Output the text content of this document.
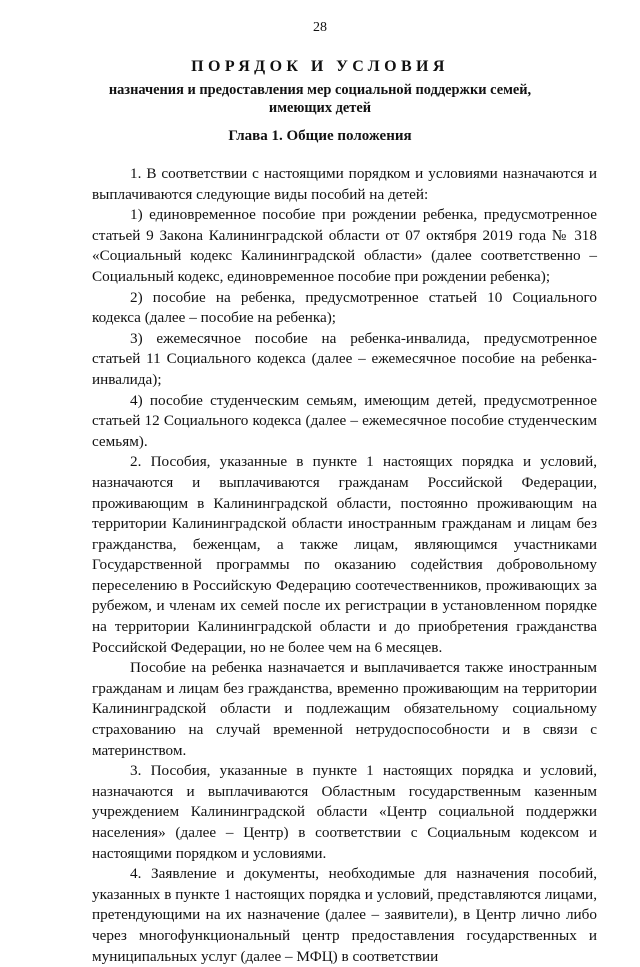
28
ПОРЯДОК И УСЛОВИЯ
назначения и предоставления мер социальной поддержки семей, имеющих детей
Глава 1. Общие положения

1. В соответствии с настоящими порядком и условиями назначаются и выплачиваются следующие виды пособий на детей:

1) единовременное пособие при рождении ребенка, предусмотренное статьей 9 Закона Калининградской области от 07 октября 2019 года № 318 «Социальный кодекс Калининградской области» (далее соответственно – Социальный кодекс, единовременное пособие при рождении ребенка);

2) пособие на ребенка, предусмотренное статьей 10 Социального кодекса (далее – пособие на ребенка);

3) ежемесячное пособие на ребенка-инвалида, предусмотренное статьей 11 Социального кодекса (далее – ежемесячное пособие на ребенка-инвалида);

4) пособие студенческим семьям, имеющим детей, предусмотренное статьей 12 Социального кодекса (далее – ежемесячное пособие студенческим семьям).

2. Пособия, указанные в пункте 1 настоящих порядка и условий, назначаются и выплачиваются гражданам Российской Федерации, проживающим в Калининградской области, постоянно проживающим на территории Калининградской области иностранным гражданам и лицам без гражданства, беженцам, а также лицам, являющимся участниками Государственной программы по оказанию содействия добровольному переселению в Российскую Федерацию соотечественников, проживающих за рубежом, и членам их семей после их регистрации в установленном порядке на территории Калининградской области и до приобретения гражданства Российской Федерации, но не более чем на 6 месяцев.

Пособие на ребенка назначается и выплачивается также иностранным гражданам и лицам без гражданства, временно проживающим на территории Калининградской области и подлежащим обязательному социальному страхованию на случай временной нетрудоспособности и в связи с материнством.

3. Пособия, указанные в пункте 1 настоящих порядка и условий, назначаются и выплачиваются Областным государственным казенным учреждением Калининградской области «Центр социальной поддержки населения» (далее – Центр) в соответствии с Социальным кодексом и настоящими порядком и условиями.

4. Заявление и документы, необходимые для назначения пособий, указанных в пункте 1 настоящих порядка и условий, представляются лицами, претендующими на их назначение (далее – заявители), в Центр лично либо через многофункциональный центр предоставления государственных и муниципальных услуг (далее – МФЦ) в соответствии
